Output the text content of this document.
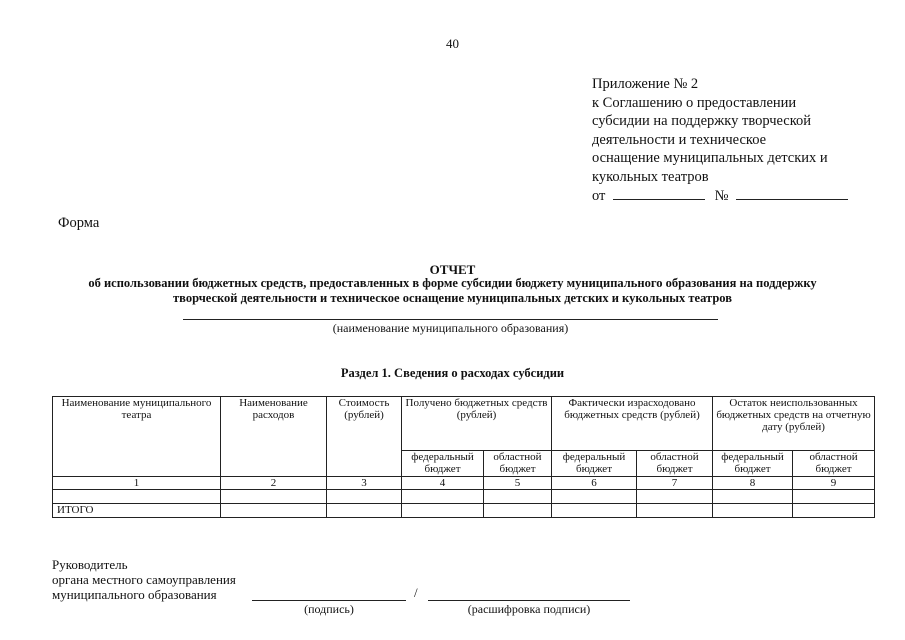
40
Приложение № 2
к Соглашению о предоставлении
субсидии на поддержку творческой
деятельности и техническое
оснащение муниципальных детских и
кукольных театров
от	№
Форма
ОТЧЕТ
об использовании бюджетных средств, предоставленных в форме субсидии бюджету муниципального образования на поддержку
творческой деятельности и техническое оснащение муниципальных детских и кукольных театров
(наименование муниципального образования)
Раздел 1. Сведения о расходах субсидии
Наименование муниципального театра	Наименование расходов	Стоимость (рублей)	Получено бюджетных средств (рублей)		Фактически израсходовано бюджетных средств (рублей)		Остаток неиспользованных бюджетных средств на отчетную дату (рублей)	
			федеральный бюджет	областной бюджет	федеральный бюджет	областной бюджет	федеральный бюджет	областной бюджет
1	2	3	4	5	6	7	8	9

ИТОГО								
Руководитель
органа местного самоуправления
муниципального образования	/
(подпись)	(расшифровка подписи)
